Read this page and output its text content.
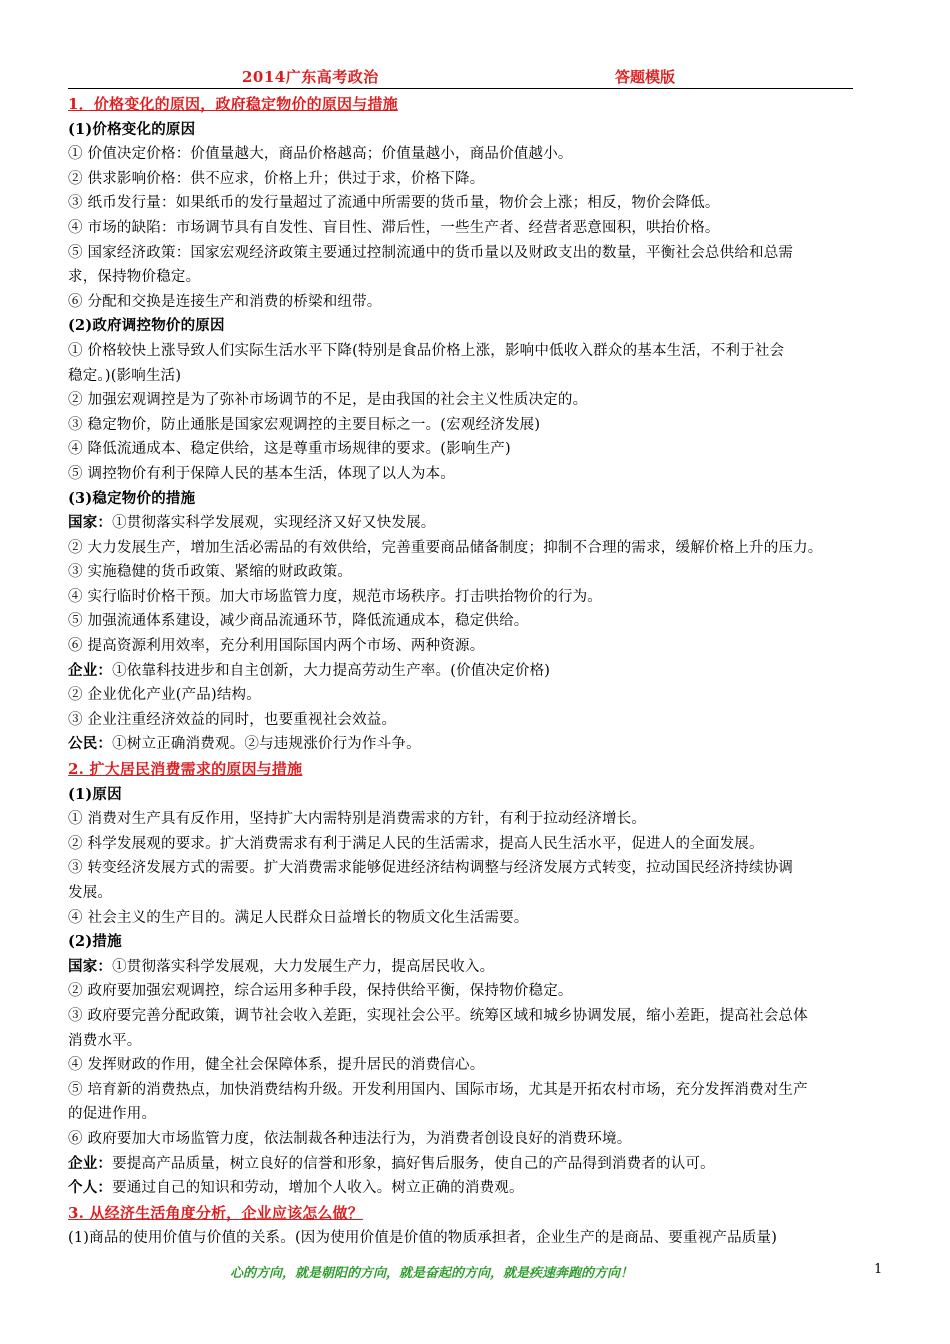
2014广东高考政治	答题模版
1．价格变化的原因，政府稳定物价的原因与措施
(1)价格变化的原因
① 价值决定价格：价值量越大，商品价格越高；价值量越小，商品价值越小。
② 供求影响价格：供不应求，价格上升；供过于求，价格下降。
③ 纸币发行量：如果纸币的发行量超过了流通中所需要的货币量，物价会上涨；相反，物价会降低。
④ 市场的缺陷：市场调节具有自发性、盲目性、滞后性，一些生产者、经营者恶意囤积，哄抬价格。
⑤ 国家经济政策：国家宏观经济政策主要通过控制流通中的货币量以及财政支出的数量，平衡社会总供给和总需
求，保持物价稳定。
⑥ 分配和交换是连接生产和消费的桥梁和纽带。
(2)政府调控物价的原因
① 价格较快上涨导致人们实际生活水平下降(特别是食品价格上涨，影响中低收入群众的基本生活，不利于社会
稳定。)(影响生活)
② 加强宏观调控是为了弥补市场调节的不足，是由我国的社会主义性质决定的。
③ 稳定物价，防止通胀是国家宏观调控的主要目标之一。(宏观经济发展)
④ 降低流通成本、稳定供给，这是尊重市场规律的要求。(影响生产)
⑤ 调控物价有利于保障人民的基本生活，体现了以人为本。
(3)稳定物价的措施
国家：①贯彻落实科学发展观，实现经济又好又快发展。
② 大力发展生产，增加生活必需品的有效供给，完善重要商品储备制度；抑制不合理的需求，缓解价格上升的压力。
③ 实施稳健的货币政策、紧缩的财政政策。
④ 实行临时价格干预。加大市场监管力度，规范市场秩序。打击哄抬物价的行为。
⑤ 加强流通体系建设，减少商品流通环节，降低流通成本，稳定供给。
⑥ 提高资源利用效率，充分利用国际国内两个市场、两种资源。
企业：①依靠科技进步和自主创新，大力提高劳动生产率。(价值决定价格)
② 企业优化产业(产品)结构。
③ 企业注重经济效益的同时，也要重视社会效益。
公民：①树立正确消费观。②与违规涨价行为作斗争。
2. 扩大居民消费需求的原因与措施
(1)原因
① 消费对生产具有反作用，坚持扩大内需特别是消费需求的方针，有利于拉动经济增长。
② 科学发展观的要求。扩大消费需求有利于满足人民的生活需求，提高人民生活水平，促进人的全面发展。
③ 转变经济发展方式的需要。扩大消费需求能够促进经济结构调整与经济发展方式转变，拉动国民经济持续协调
发展。
④ 社会主义的生产目的。满足人民群众日益增长的物质文化生活需要。
(2)措施
国家：①贯彻落实科学发展观，大力发展生产力，提高居民收入。
② 政府要加强宏观调控，综合运用多种手段，保持供给平衡，保持物价稳定。
③ 政府要完善分配政策，调节社会收入差距，实现社会公平。统筹区域和城乡协调发展，缩小差距，提高社会总体
消费水平。
④ 发挥财政的作用，健全社会保障体系，提升居民的消费信心。
⑤ 培育新的消费热点，加快消费结构升级。开发利用国内、国际市场，尤其是开拓农村市场，充分发挥消费对生产
的促进作用。
⑥ 政府要加大市场监管力度，依法制裁各种违法行为，为消费者创设良好的消费环境。
企业：要提高产品质量，树立良好的信誉和形象，搞好售后服务，使自己的产品得到消费者的认可。
个人：要通过自己的知识和劳动，增加个人收入。树立正确的消费观。
3. 从经济生活角度分析，企业应该怎么做？
(1)商品的使用价值与价值的关系。(因为使用价值是价值的物质承担者，企业生产的是商品、要重视产品质量)
心的方向，就是朝阳的方向，就是奋起的方向，就是疾速奔跑的方向！	1
